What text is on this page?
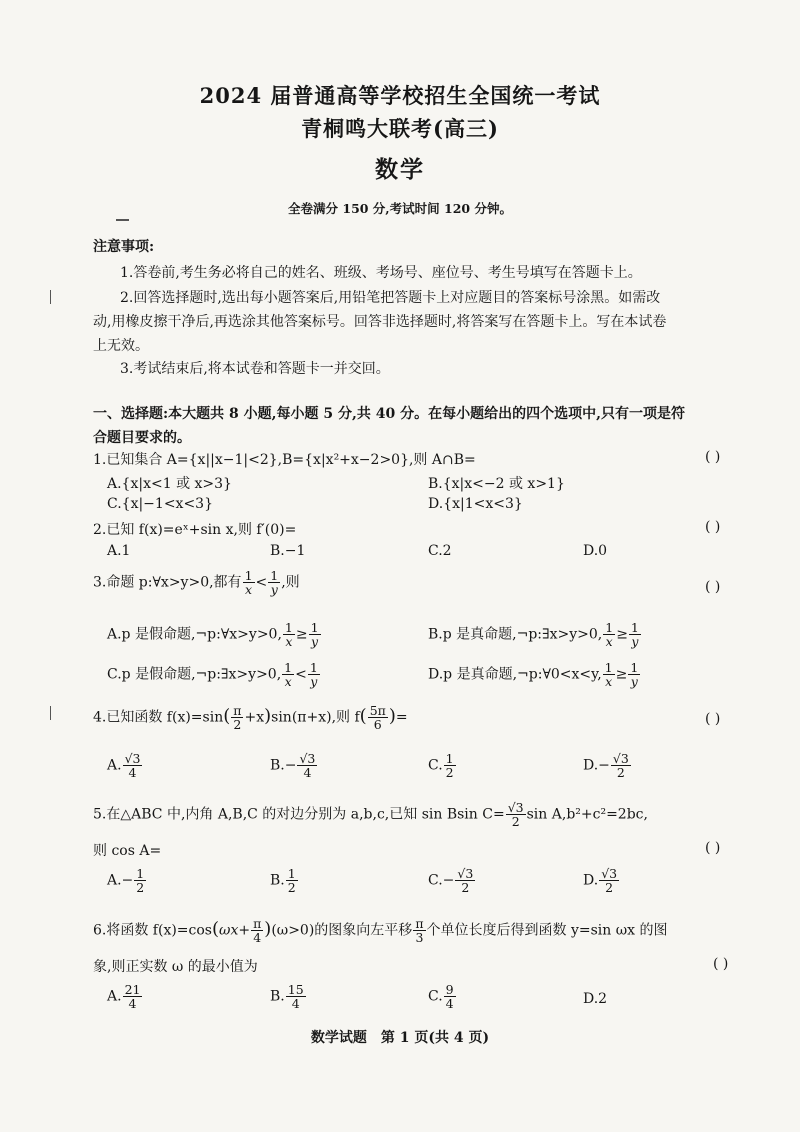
2024 届普通高等学校招生全国统一考试
青桐鸣大联考(高三)
数学
全卷满分 150 分,考试时间 120 分钟。
注意事项:
1.答卷前,考生务必将自己的姓名、班级、考场号、座位号、考生号填写在答题卡上。
2.回答选择题时,选出每小题答案后,用铅笔把答题卡上对应题目的答案标号涂黑。如需改
动,用橡皮擦干净后,再选涂其他答案标号。回答非选择题时,将答案写在答题卡上。写在本试卷
上无效。
3.考试结束后,将本试卷和答题卡一并交回。
一、选择题:本大题共 8 小题,每小题 5 分,共 40 分。在每小题给出的四个选项中,只有一项是符
合题目要求的。
1.已知集合 A={x||x−1|<2},B={x|x²+x−2>0},则 A∩B=	( )
A.{x|x<1 或 x>3}	B.{x|x<−2 或 x>1}
C.{x|−1<x<3}	D.{x|1<x<3}
2.已知 f(x)=eˣ+sin x,则 f′(0)=	( )
A.1	B.−1	C.2	D.0
3.命题 p:∀x>y>0,都有 $\frac{1}{x} < \frac{1}{y}$ ,则	( )
A.p 是假命题,¬p:∀x>y>0, $\frac{1}{x} \ge \frac{1}{y}$	B.p 是真命题,¬p:∃x>y>0, $\frac{1}{x} \ge \frac{1}{y}$
C.p 是假命题,¬p:∃x>y>0, $\frac{1}{x} < \frac{1}{y}$	D.p 是真命题,¬p:∀0<x<y, $\frac{1}{x} \ge \frac{1}{y}$
4.已知函数 $f(x)=\sin( \frac{\pi}{2} +x)\sin(\pi+x)$,则 $f( \frac{5\pi}{6}$ )=	( )
A. $\frac{√3}{4}$	$B.- \frac{√3}{4}$	C. $\frac{1}{2}$	$D.- \frac{√3}{2}$
5.在△ABC 中,内角 A,B,C 的对边分别为 a,b,c,已知 sin Bsin $C= \frac{√3}{2}$ sin A,b²+c²=2bc,
则 cos A=	( )
$A.- \frac{1}{2}$	B. $\frac{1}{2}$	$C.- \frac{√3}{2}$	D. $\frac{√3}{2}$
6.将函数 $f(x)=\cos(\omega x+ \frac{\pi}{4} )(\omega>0)$的图象向左平移 $\frac{\pi}{3}$ 个单位长度后得到函数 y=sin ωx 的图
象,则正实数 ω 的最小值为	( )
A. $\frac{21}{4}$	B. $\frac{15}{4}$	C. $\frac{9}{4}$	D.2
数学试题　第 1 页(共 4 页)
